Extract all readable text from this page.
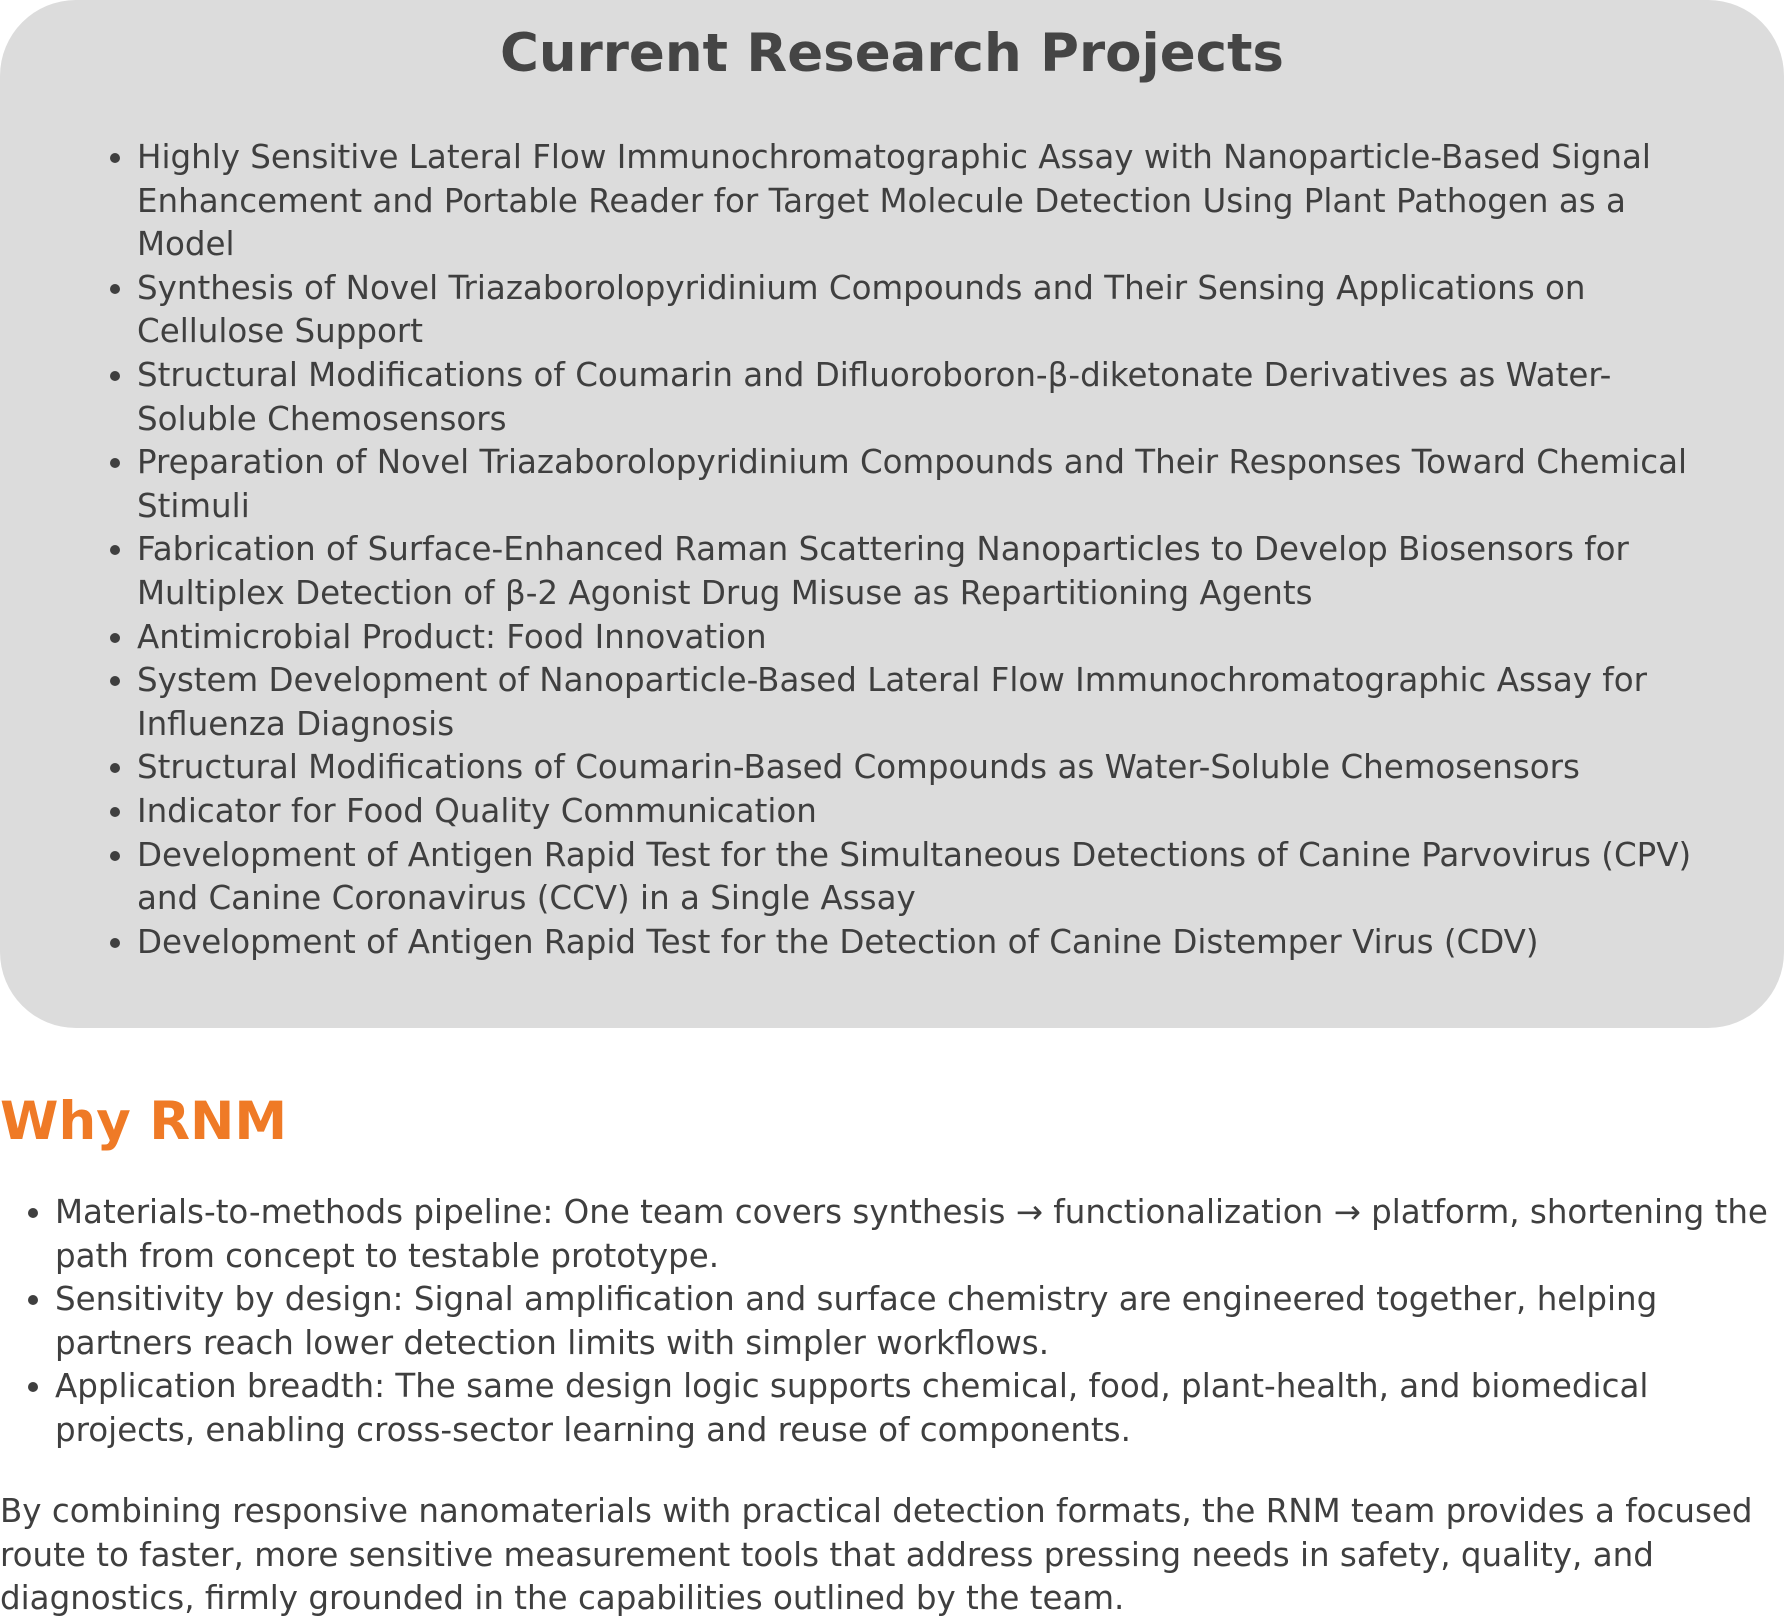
Current Research Projects
• Highly Sensitive Lateral Flow Immunochromatographic Assay with Nanoparticle-Based Signal Enhancement and Portable Reader for Target Molecule Detection Using Plant Pathogen as a Model
• Synthesis of Novel Triazaborolopyridinium Compounds and Their Sensing Applications on Cellulose Support
• Structural Modifications of Coumarin and Difluoroboron-β-diketonate Derivatives as Water-Soluble Chemosensors
• Preparation of Novel Triazaborolopyridinium Compounds and Their Responses Toward Chemical Stimuli
• Fabrication of Surface-Enhanced Raman Scattering Nanoparticles to Develop Biosensors for Multiplex Detection of β-2 Agonist Drug Misuse as Repartitioning Agents
• Antimicrobial Product: Food Innovation
• System Development of Nanoparticle-Based Lateral Flow Immunochromatographic Assay for Influenza Diagnosis
• Structural Modifications of Coumarin-Based Compounds as Water-Soluble Chemosensors
• Indicator for Food Quality Communication
• Development of Antigen Rapid Test for the Simultaneous Detections of Canine Parvovirus (CPV) and Canine Coronavirus (CCV) in a Single Assay
• Development of Antigen Rapid Test for the Detection of Canine Distemper Virus (CDV)
Why RNM
• Materials-to-methods pipeline: One team covers synthesis → functionalization → platform, shortening the path from concept to testable prototype.
• Sensitivity by design: Signal amplification and surface chemistry are engineered together, helping partners reach lower detection limits with simpler workflows.
• Application breadth: The same design logic supports chemical, food, plant-health, and biomedical projects, enabling cross-sector learning and reuse of components.

By combining responsive nanomaterials with practical detection formats, the RNM team provides a focused route to faster, more sensitive measurement tools that address pressing needs in safety, quality, and diagnostics, firmly grounded in the capabilities outlined by the team.
